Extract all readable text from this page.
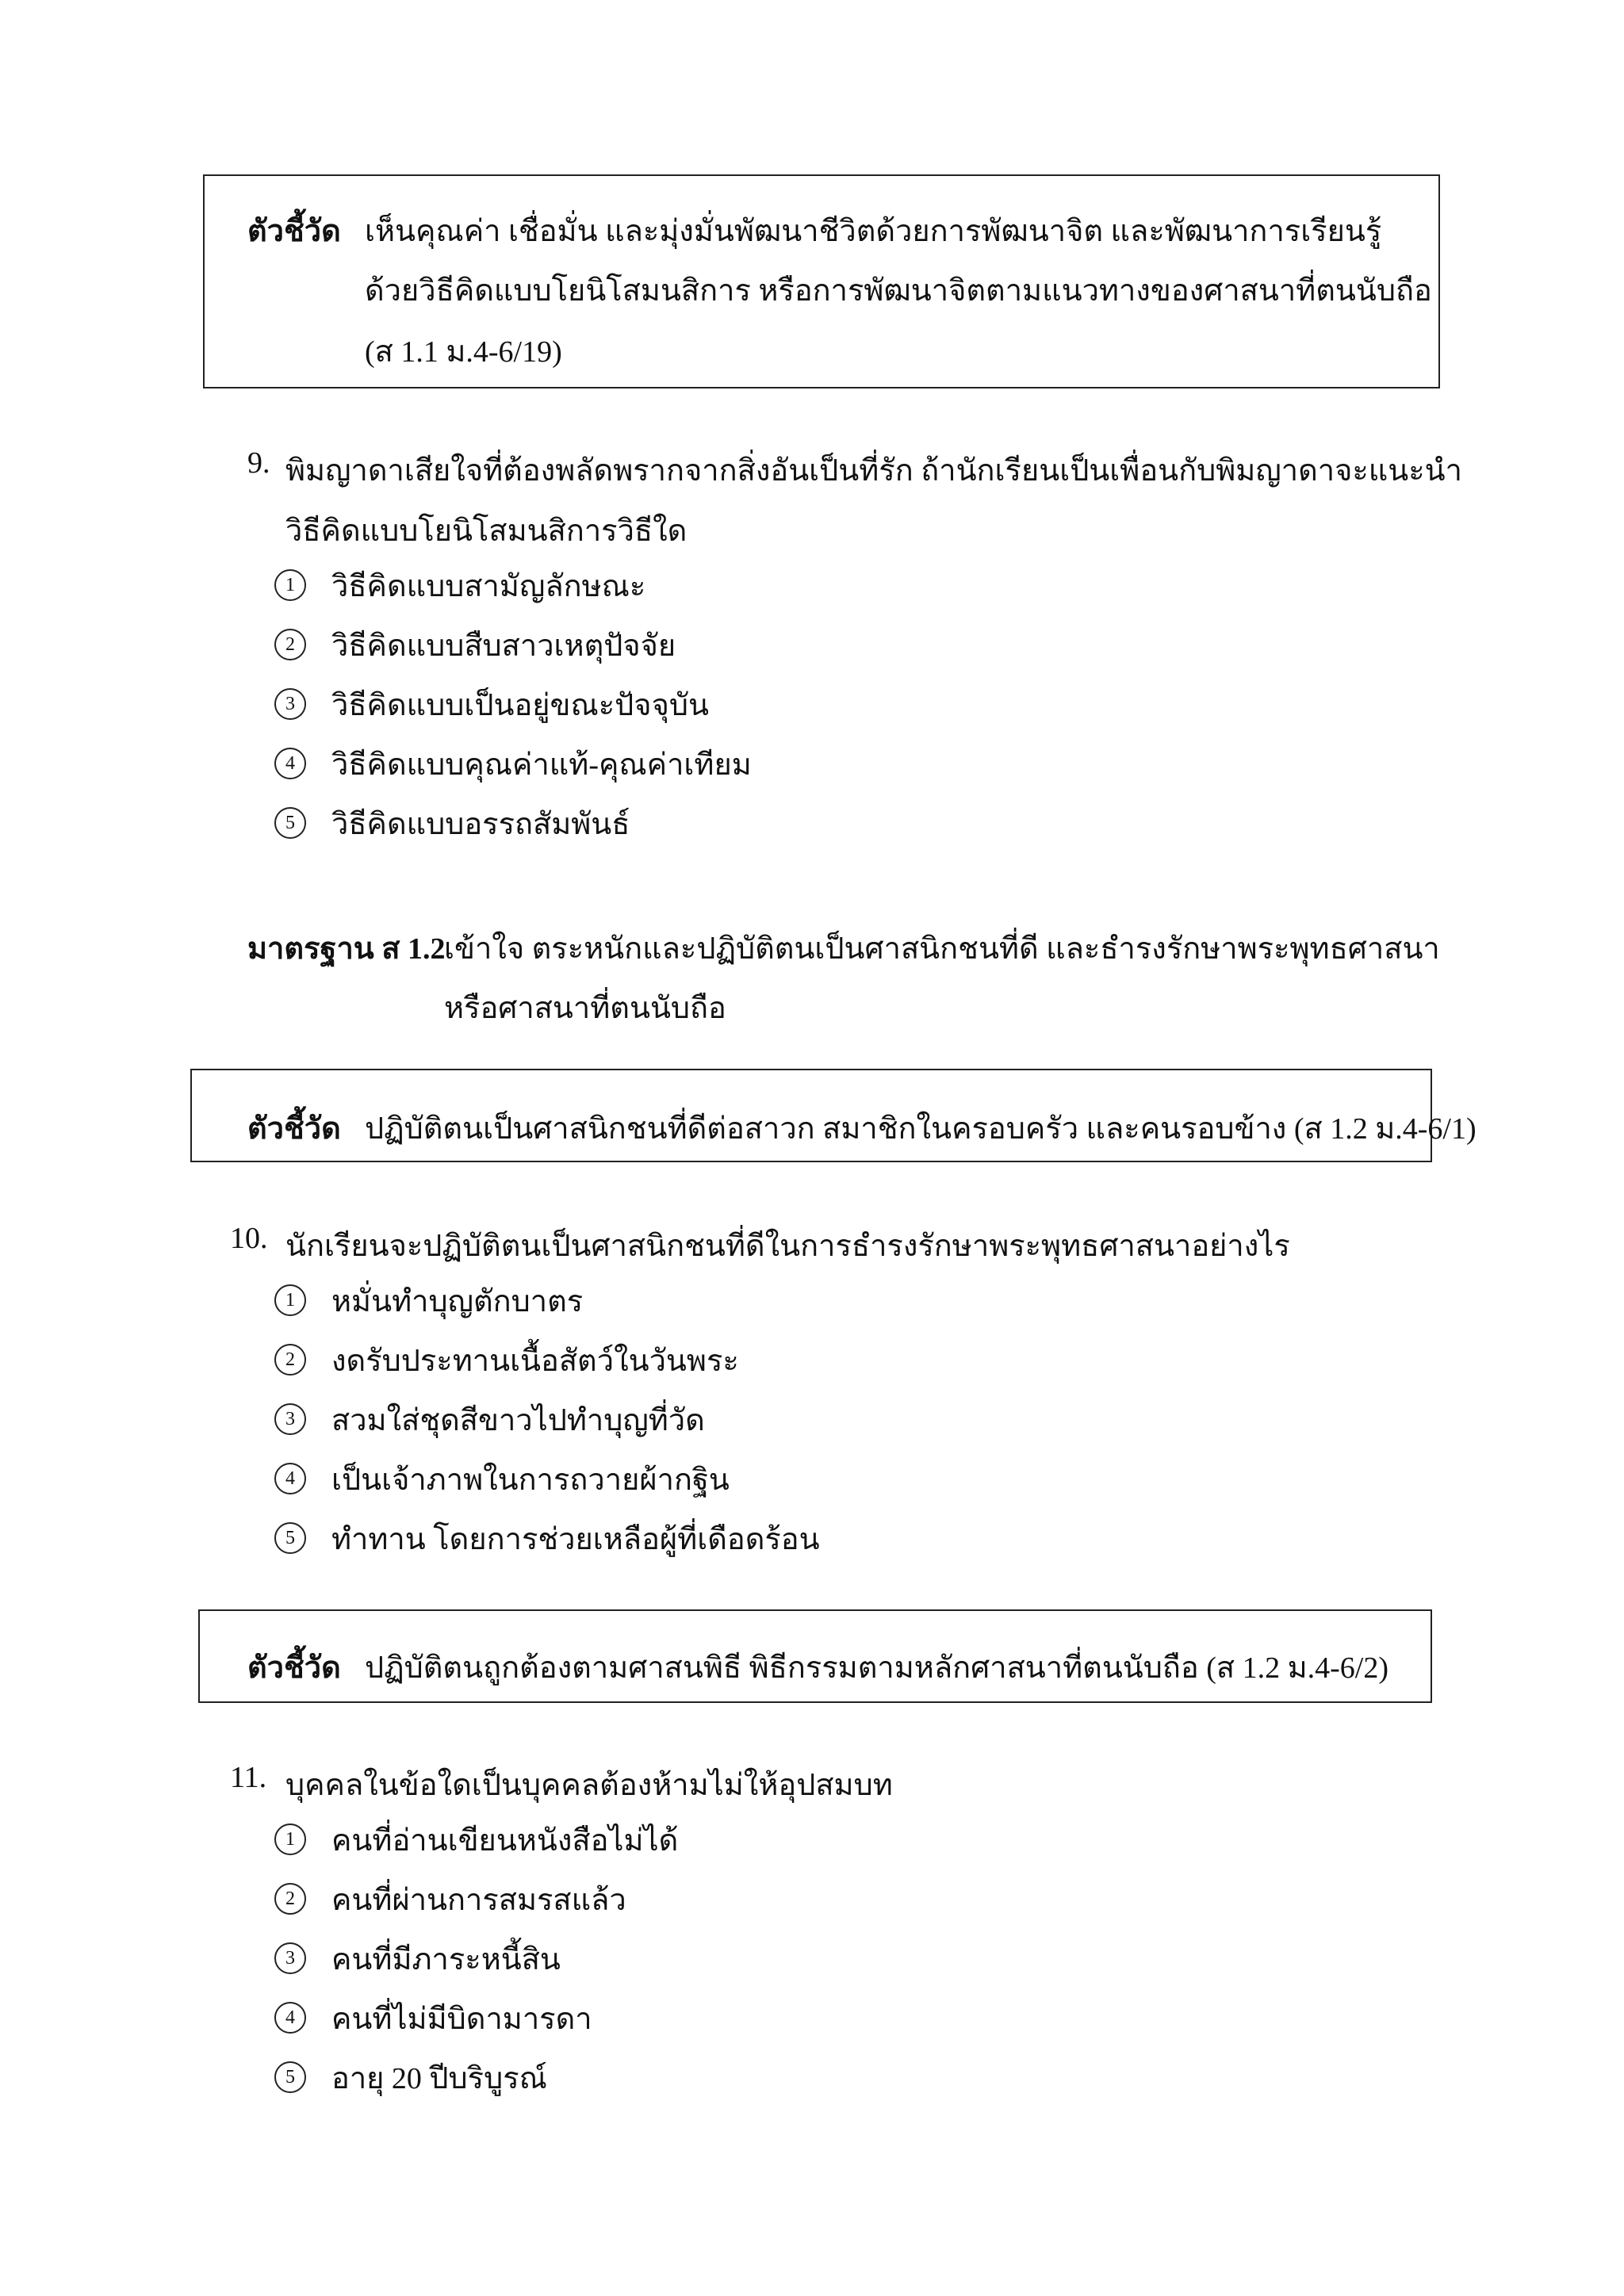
ตัวชี้วัด เห็นคุณค่า เชื่อมั่น และมุ่งมั่นพัฒนาชีวิตด้วยการพัฒนาจิต และพัฒนาการเรียนรู้
ด้วยวิธีคิดแบบโยนิโสมนสิการ หรือการพัฒนาจิตตามแนวทางของศาสนาที่ตนนับถือ
(ส 1.1 ม.4-6/19)
9. พิมญาดาเสียใจที่ต้องพลัดพรากจากสิ่งอันเป็นที่รัก ถ้านักเรียนเป็นเพื่อนกับพิมญาดาจะแนะนำ
วิธีคิดแบบโยนิโสมนสิการวิธีใด
1	วิธีคิดแบบสามัญลักษณะ
2	วิธีคิดแบบสืบสาวเหตุปัจจัย
3	วิธีคิดแบบเป็นอยู่ขณะปัจจุบัน
4	วิธีคิดแบบคุณค่าแท้-คุณค่าเทียม
5	วิธีคิดแบบอรรถสัมพันธ์
มาตรฐาน ส 1.2
เข้าใจ ตระหนักและปฏิบัติตนเป็นศาสนิกชนที่ดี และธำรงรักษาพระพุทธศาสนา
หรือศาสนาที่ตนนับถือ
ตัวชี้วัด ปฏิบัติตนเป็นศาสนิกชนที่ดีต่อสาวก สมาชิกในครอบครัว และคนรอบข้าง (ส 1.2 ม.4-6/1)
10. นักเรียนจะปฏิบัติตนเป็นศาสนิกชนที่ดีในการธำรงรักษาพระพุทธศาสนาอย่างไร
1	หมั่นทำบุญตักบาตร
2	งดรับประทานเนื้อสัตว์ในวันพระ
3	สวมใส่ชุดสีขาวไปทำบุญที่วัด
4	เป็นเจ้าภาพในการถวายผ้ากฐิน
5	ทำทาน โดยการช่วยเหลือผู้ที่เดือดร้อน
ตัวชี้วัด ปฏิบัติตนถูกต้องตามศาสนพิธี พิธีกรรมตามหลักศาสนาที่ตนนับถือ (ส 1.2 ม.4-6/2)
11. บุคคลในข้อใดเป็นบุคคลต้องห้ามไม่ให้อุปสมบท
1	คนที่อ่านเขียนหนังสือไม่ได้
2	คนที่ผ่านการสมรสแล้ว
3	คนที่มีภาระหนี้สิน
4	คนที่ไม่มีบิดามารดา
5	อายุ 20 ปีบริบูรณ์
